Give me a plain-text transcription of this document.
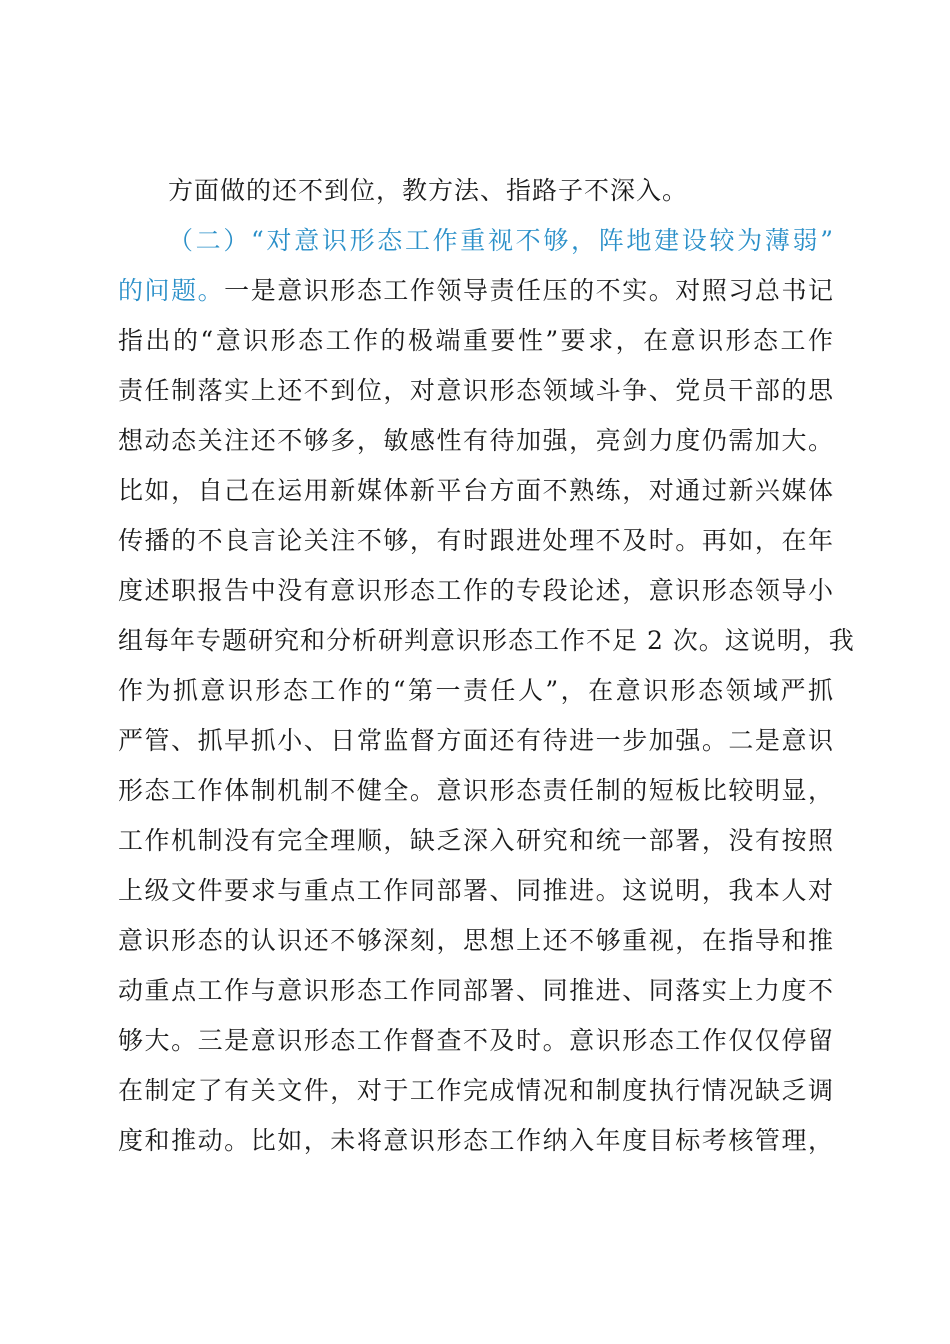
方面做的还不到位，教方法、指路子不深入。
（二）“对意识形态工作重视不够，阵地建设较为薄弱”
的问题。一是意识形态工作领导责任压的不实。对照习总书记
指出的“意识形态工作的极端重要性”要求，在意识形态工作
责任制落实上还不到位，对意识形态领域斗争、党员干部的思
想动态关注还不够多，敏感性有待加强，亮剑力度仍需加大。
比如，自己在运用新媒体新平台方面不熟练，对通过新兴媒体
传播的不良言论关注不够，有时跟进处理不及时。再如，在年
度述职报告中没有意识形态工作的专段论述，意识形态领导小
组每年专题研究和分析研判意识形态工作不足 2 次。这说明，我
作为抓意识形态工作的“第一责任人”，在意识形态领域严抓
严管、抓早抓小、日常监督方面还有待进一步加强。二是意识
形态工作体制机制不健全。意识形态责任制的短板比较明显，
工作机制没有完全理顺，缺乏深入研究和统一部署，没有按照
上级文件要求与重点工作同部署、同推进。这说明，我本人对
意识形态的认识还不够深刻，思想上还不够重视，在指导和推
动重点工作与意识形态工作同部署、同推进、同落实上力度不
够大。三是意识形态工作督查不及时。意识形态工作仅仅停留
在制定了有关文件，对于工作完成情况和制度执行情况缺乏调
度和推动。比如，未将意识形态工作纳入年度目标考核管理，
